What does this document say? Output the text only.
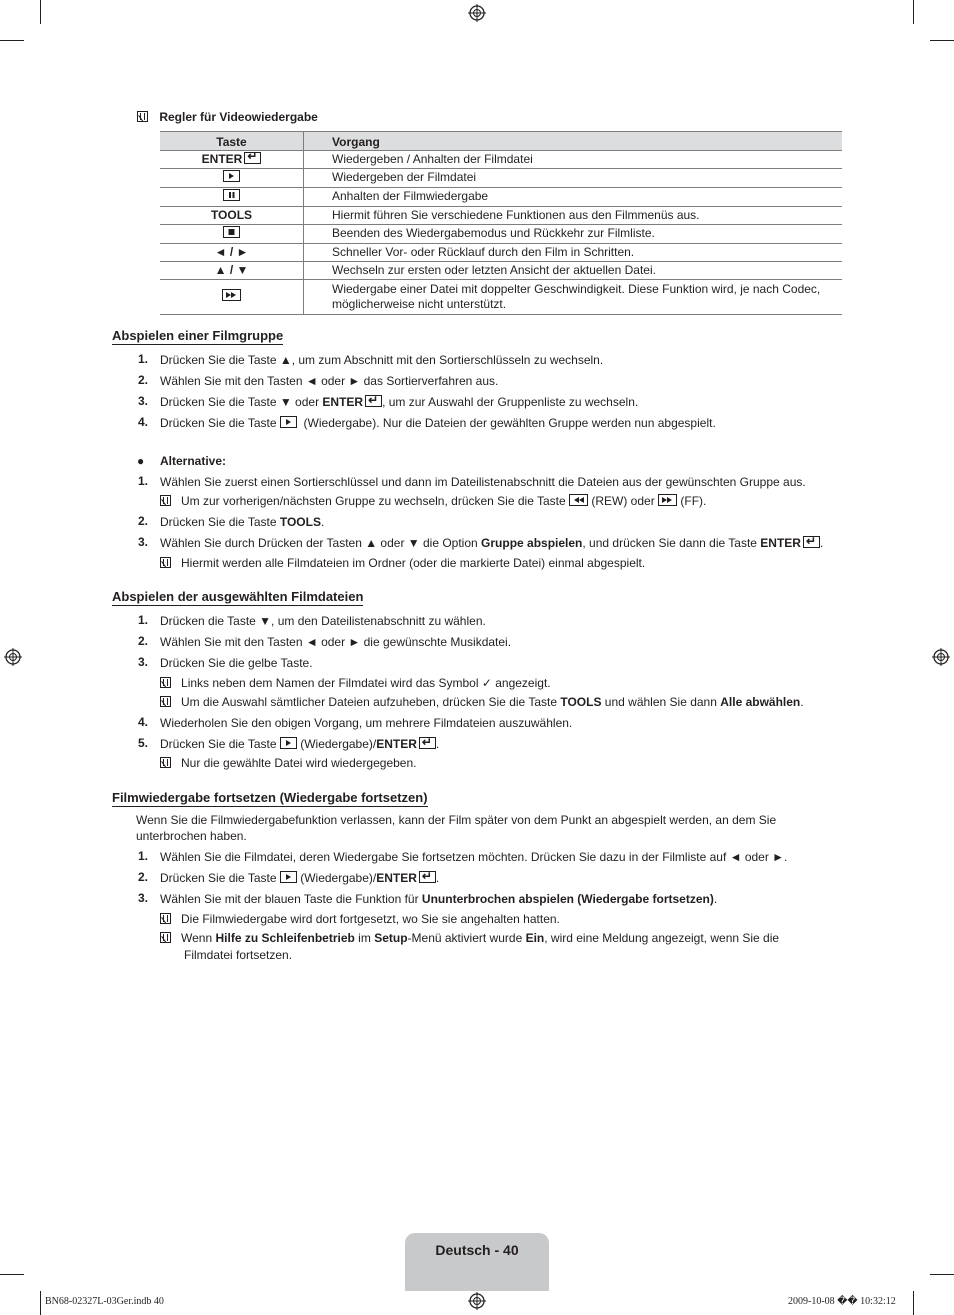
Regler für Videowiedergabe
Taste	Vorgang
ENTER↵	Wiedergeben / Anhalten der Filmdatei
	Wiedergeben der Filmdatei
	Anhalten der Filmwiedergabe
TOOLS	Hiermit führen Sie verschiedene Funktionen aus den Filmmenüs aus.
	Beenden des Wiedergabemodus und Rückkehr zur Filmliste.
◄ / ►	Schneller Vor- oder Rücklauf durch den Film in Schritten.
▲ / ▼	Wechseln zur ersten oder letzten Ansicht der aktuellen Datei.
	Wiedergabe einer Datei mit doppelter Geschwindigkeit. Diese Funktion wird, je nach Codec, möglicherweise nicht unterstützt.
Abspielen einer Filmgruppe
1. Drücken Sie die Taste ▲, um zum Abschnitt mit den Sortierschlüsseln zu wechseln.
2. Wählen Sie mit den Tasten ◄ oder ► das Sortierverfahren aus.
3. Drücken Sie die Taste ▼ oder ENTER ↵ , um zur Auswahl der Gruppenliste zu wechseln.
4. Drücken Sie die Taste (Wiedergabe). Nur die Dateien der gewählten Gruppe werden nun abgespielt.
● Alternative:
1. Wählen Sie zuerst einen Sortierschlüssel und dann im Dateilistenabschnitt die Dateien aus der gewünschten Gruppe aus.
Um zur vorherigen/nächsten Gruppe zu wechseln, drücken Sie die Taste (REW) oder (FF).
2. Drücken Sie die Taste TOOLS.
3. Wählen Sie durch Drücken der Tasten ▲ oder ▼ die Option Gruppe abspielen, und drücken Sie dann die Taste ENTER ↵ .
Hiermit werden alle Filmdateien im Ordner (oder die markierte Datei) einmal abgespielt.
Abspielen der ausgewählten Filmdateien
1. Drücken die Taste ▼, um den Dateilistenabschnitt zu wählen.
2. Wählen Sie mit den Tasten ◄ oder ► die gewünschte Musikdatei.
3. Drücken Sie die gelbe Taste.
Links neben dem Namen der Filmdatei wird das Symbol ✓ angezeigt.
Um die Auswahl sämtlicher Dateien aufzuheben, drücken Sie die Taste TOOLS und wählen Sie dann Alle abwählen.
4. Wiederholen Sie den obigen Vorgang, um mehrere Filmdateien auszuwählen.
5. Drücken Sie die Taste (Wiedergabe)/ENTER ↵ .
Nur die gewählte Datei wird wiedergegeben.
Filmwiedergabe fortsetzen (Wiedergabe fortsetzen)
Wenn Sie die Filmwiedergabefunktion verlassen, kann der Film später von dem Punkt an abgespielt werden, an dem Sie unterbrochen haben.
1. Wählen Sie die Filmdatei, deren Wiedergabe Sie fortsetzen möchten. Drücken Sie dazu in der Filmliste auf ◄ oder ►.
2. Drücken Sie die Taste (Wiedergabe)/ENTER ↵ .
3. Wählen Sie mit der blauen Taste die Funktion für Ununterbrochen abspielen (Wiedergabe fortsetzen).
Die Filmwiedergabe wird dort fortgesetzt, wo Sie sie angehalten hatten.
Wenn Hilfe zu Schleifenbetrieb im Setup-Menü aktiviert wurde Ein, wird eine Meldung angezeigt, wenn Sie die
Filmdatei fortsetzen.
Deutsch - 40
BN68-02327L-03Ger.indb 40	2009-10-08 �� 10:32:12
